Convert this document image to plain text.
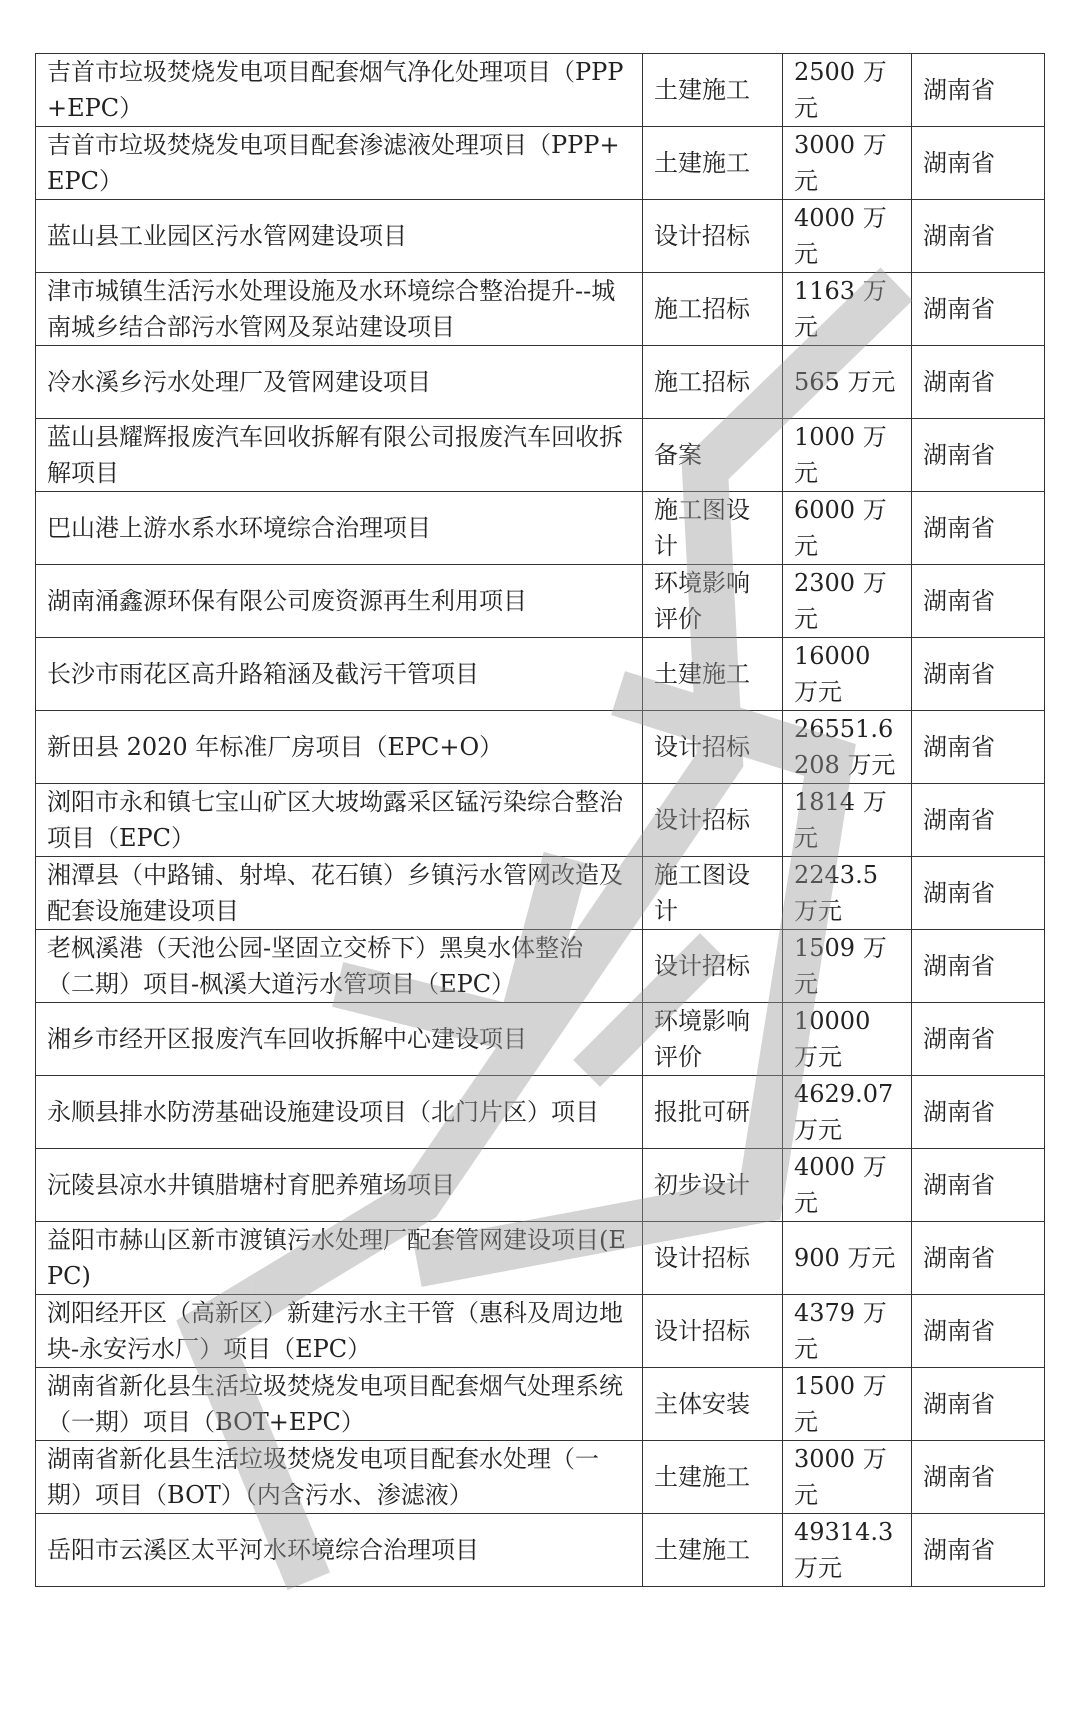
吉首市垃圾焚烧发电项目配套烟气净化处理项目（PPP+EPC）	土建施工	2500 万元	湖南省
吉首市垃圾焚烧发电项目配套渗滤液处理项目（PPP+EPC）	土建施工	3000 万元	湖南省
蓝山县工业园区污水管网建设项目	设计招标	4000 万元	湖南省
津市城镇生活污水处理设施及水环境综合整治提升--城南城乡结合部污水管网及泵站建设项目	施工招标	1163 万元	湖南省
冷水溪乡污水处理厂及管网建设项目	施工招标	565 万元	湖南省
蓝山县耀辉报废汽车回收拆解有限公司报废汽车回收拆解项目	备案	1000 万元	湖南省
巴山港上游水系水环境综合治理项目	施工图设计	6000 万元	湖南省
湖南涌鑫源环保有限公司废资源再生利用项目	环境影响评价	2300 万元	湖南省
长沙市雨花区高升路箱涵及截污干管项目	土建施工	16000 万元	湖南省
新田县 2020 年标准厂房项目（EPC+O）	设计招标	26551.6208 万元	湖南省
浏阳市永和镇七宝山矿区大坡坳露采区锰污染综合整治项目（EPC）	设计招标	1814 万元	湖南省
湘潭县（中路铺、射埠、花石镇）乡镇污水管网改造及配套设施建设项目	施工图设计	2243.5 万元	湖南省
老枫溪港（天池公园-坚固立交桥下）黑臭水体整治（二期）项目-枫溪大道污水管项目（EPC）	设计招标	1509 万元	湖南省
湘乡市经开区报废汽车回收拆解中心建设项目	环境影响评价	10000 万元	湖南省
永顺县排水防涝基础设施建设项目（北门片区）项目	报批可研	4629.07 万元	湖南省
沅陵县凉水井镇腊塘村育肥养殖场项目	初步设计	4000 万元	湖南省
益阳市赫山区新市渡镇污水处理厂配套管网建设项目(EPC)	设计招标	900 万元	湖南省
浏阳经开区（高新区）新建污水主干管（惠科及周边地块-永安污水厂）项目（EPC）	设计招标	4379 万元	湖南省
湖南省新化县生活垃圾焚烧发电项目配套烟气处理系统（一期）项目（BOT+EPC）	主体安装	1500 万元	湖南省
湖南省新化县生活垃圾焚烧发电项目配套水处理（一期）项目（BOT）（内含污水、渗滤液）	土建施工	3000 万元	湖南省
岳阳市云溪区太平河水环境综合治理项目	土建施工	49314.3 万元	湖南省
